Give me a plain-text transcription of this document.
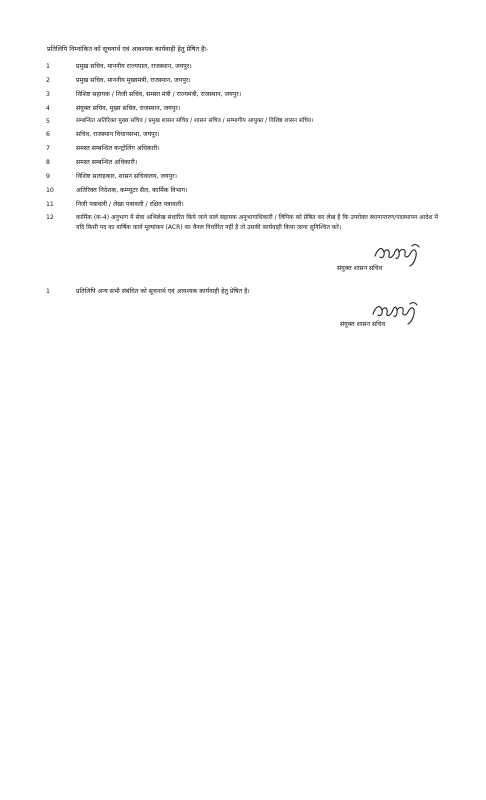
प्रतिलिपि निम्नांकित को सूचनार्थ एवं आवश्यक कार्यवाही हेतु प्रेषित हैः-
1	प्रमुख सचिव, माननीय राज्यपाल, राजस्थान, जयपुर।
2	प्रमुख सचिव, माननीय मुख्यमंत्री, राजस्थान, जयपुर।
3	विशिष्ट सहायक / निजी सचिव, समस्त मंत्री / राज्यमंत्री, राजस्थान, जयपुर।
4	संयुक्त सचिव, मुख्य सचिव, राजस्थान, जयपुर।
5	सम्बन्धित अतिरिक्त मुख्य सचिव / प्रमुख शासन सचिव / शासन सचिव / सम्भागीय आयुक्त / विशिष्ठ शासन सचिव।
6	सचिव, राजस्थान विधानसभा, जयपुर।
7	समस्त सम्बन्धित कन्ट्रोलिंग अधिकारी।
8	समस्त सम्बन्धित अधिकारी।
9	विशिष्ट सलाहकार, शासन सचिवालय, जयपुर।
10	अतिरिक्त निदेशक, कम्प्यूटर सैल, कार्मिक विभाग।
11	निजी पत्रावली / लेखा पत्रावली / रक्षित पत्रावली।
12	कार्मिक (क-4) अनुभाग में सेवा अभिलेख संधारित किये जाने वाले सहायक अनुभागाधिकारी / लिपिक को प्रेषित कर लेख है कि उपरोक्त स्थानान्तरण/पदस्थापन आदेश में यदि किसी पद का वार्षिक कार्य मूल्यांकन (ACR) का चैनल निर्धारित नहीं है तो उसकी कार्यवाही किया जाना सुनिश्चित करें।
संयुक्त शासन सचिव
1	प्रतिलिपि अन्य सभी संबंधित को सूचनार्थ एवं आवश्यक कार्यवाही हेतु प्रेषित है।
संयुक्त शासन सचिव
